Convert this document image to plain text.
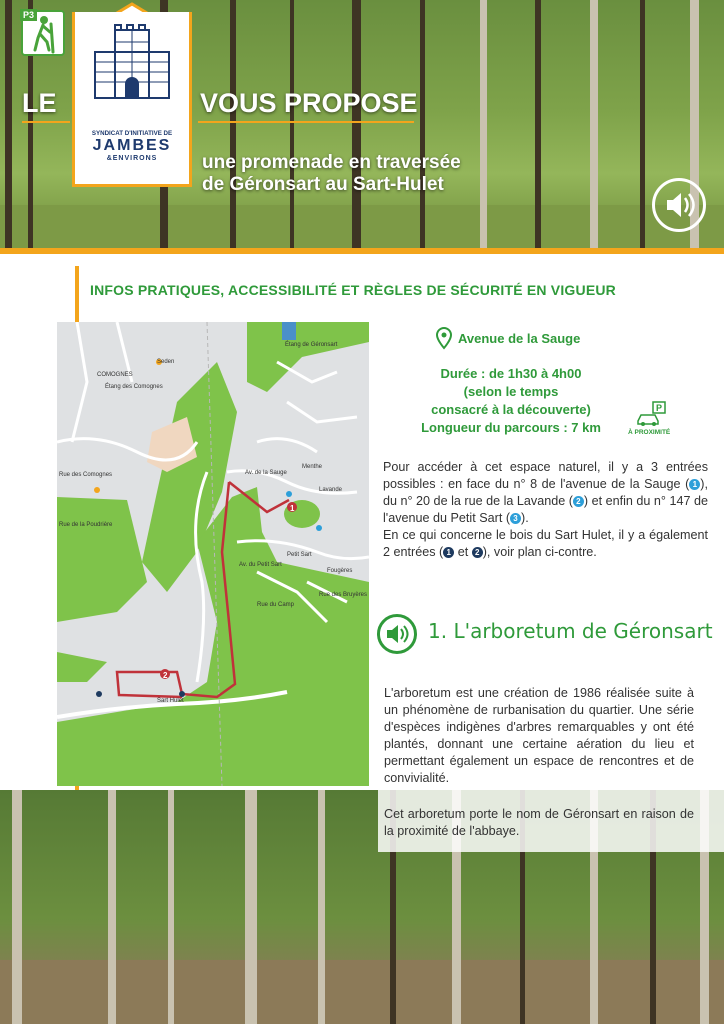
P3
SYNDICAT D'INITIATIVE DE
JAMBES
&ENVIRONS
LE	VOUS PROPOSE
une promenade en traversée
de Géronsart au Sart-Hulet
INFOS PRATIQUES, ACCESSIBILITÉ ET RÈGLES DE SÉCURITÉ EN VIGUEUR
Seden
COMOGNES
Étang des Comognes
Étang de Géronsart
Rue de la Poudrière
Av. de la Sauge
Lavande
Petit Sart
Fougères
Menthe
Sart Hulet
Rue des Bruyères
Rue du Camp
Av. du Petit Sart
Rue des Comognes
1
2
Avenue de la Sauge
Durée : de 1h30 à 4h00
(selon le temps
consacré à la découverte)
Longueur du parcours : 7 km
P
À PROXIMITÉ
Pour accéder à cet espace naturel, il y a 3 entrées possibles : en face du n° 8 de l'avenue de la Sauge ( 1 ), du n° 20 de la rue de la Lavande ( 2 ) et enfin du n° 147 de l'avenue du Petit Sart ( 3 ).
En ce qui concerne le bois du Sart Hulet, il y a également 2 entrées ( 1 et 2 ), voir plan ci-contre.
1. L'arboretum de Géronsart
L'arboretum est une création de 1986 réalisée suite à un phénomène de rurbanisation du quartier. Une série d'espèces indigènes d'arbres remarquables y ont été plantés, donnant une certaine aération du lieu et permettant également un espace de rencontres et de convivialité.
Cet arboretum porte le nom de Géronsart en raison de la proximité de l'abbaye.
